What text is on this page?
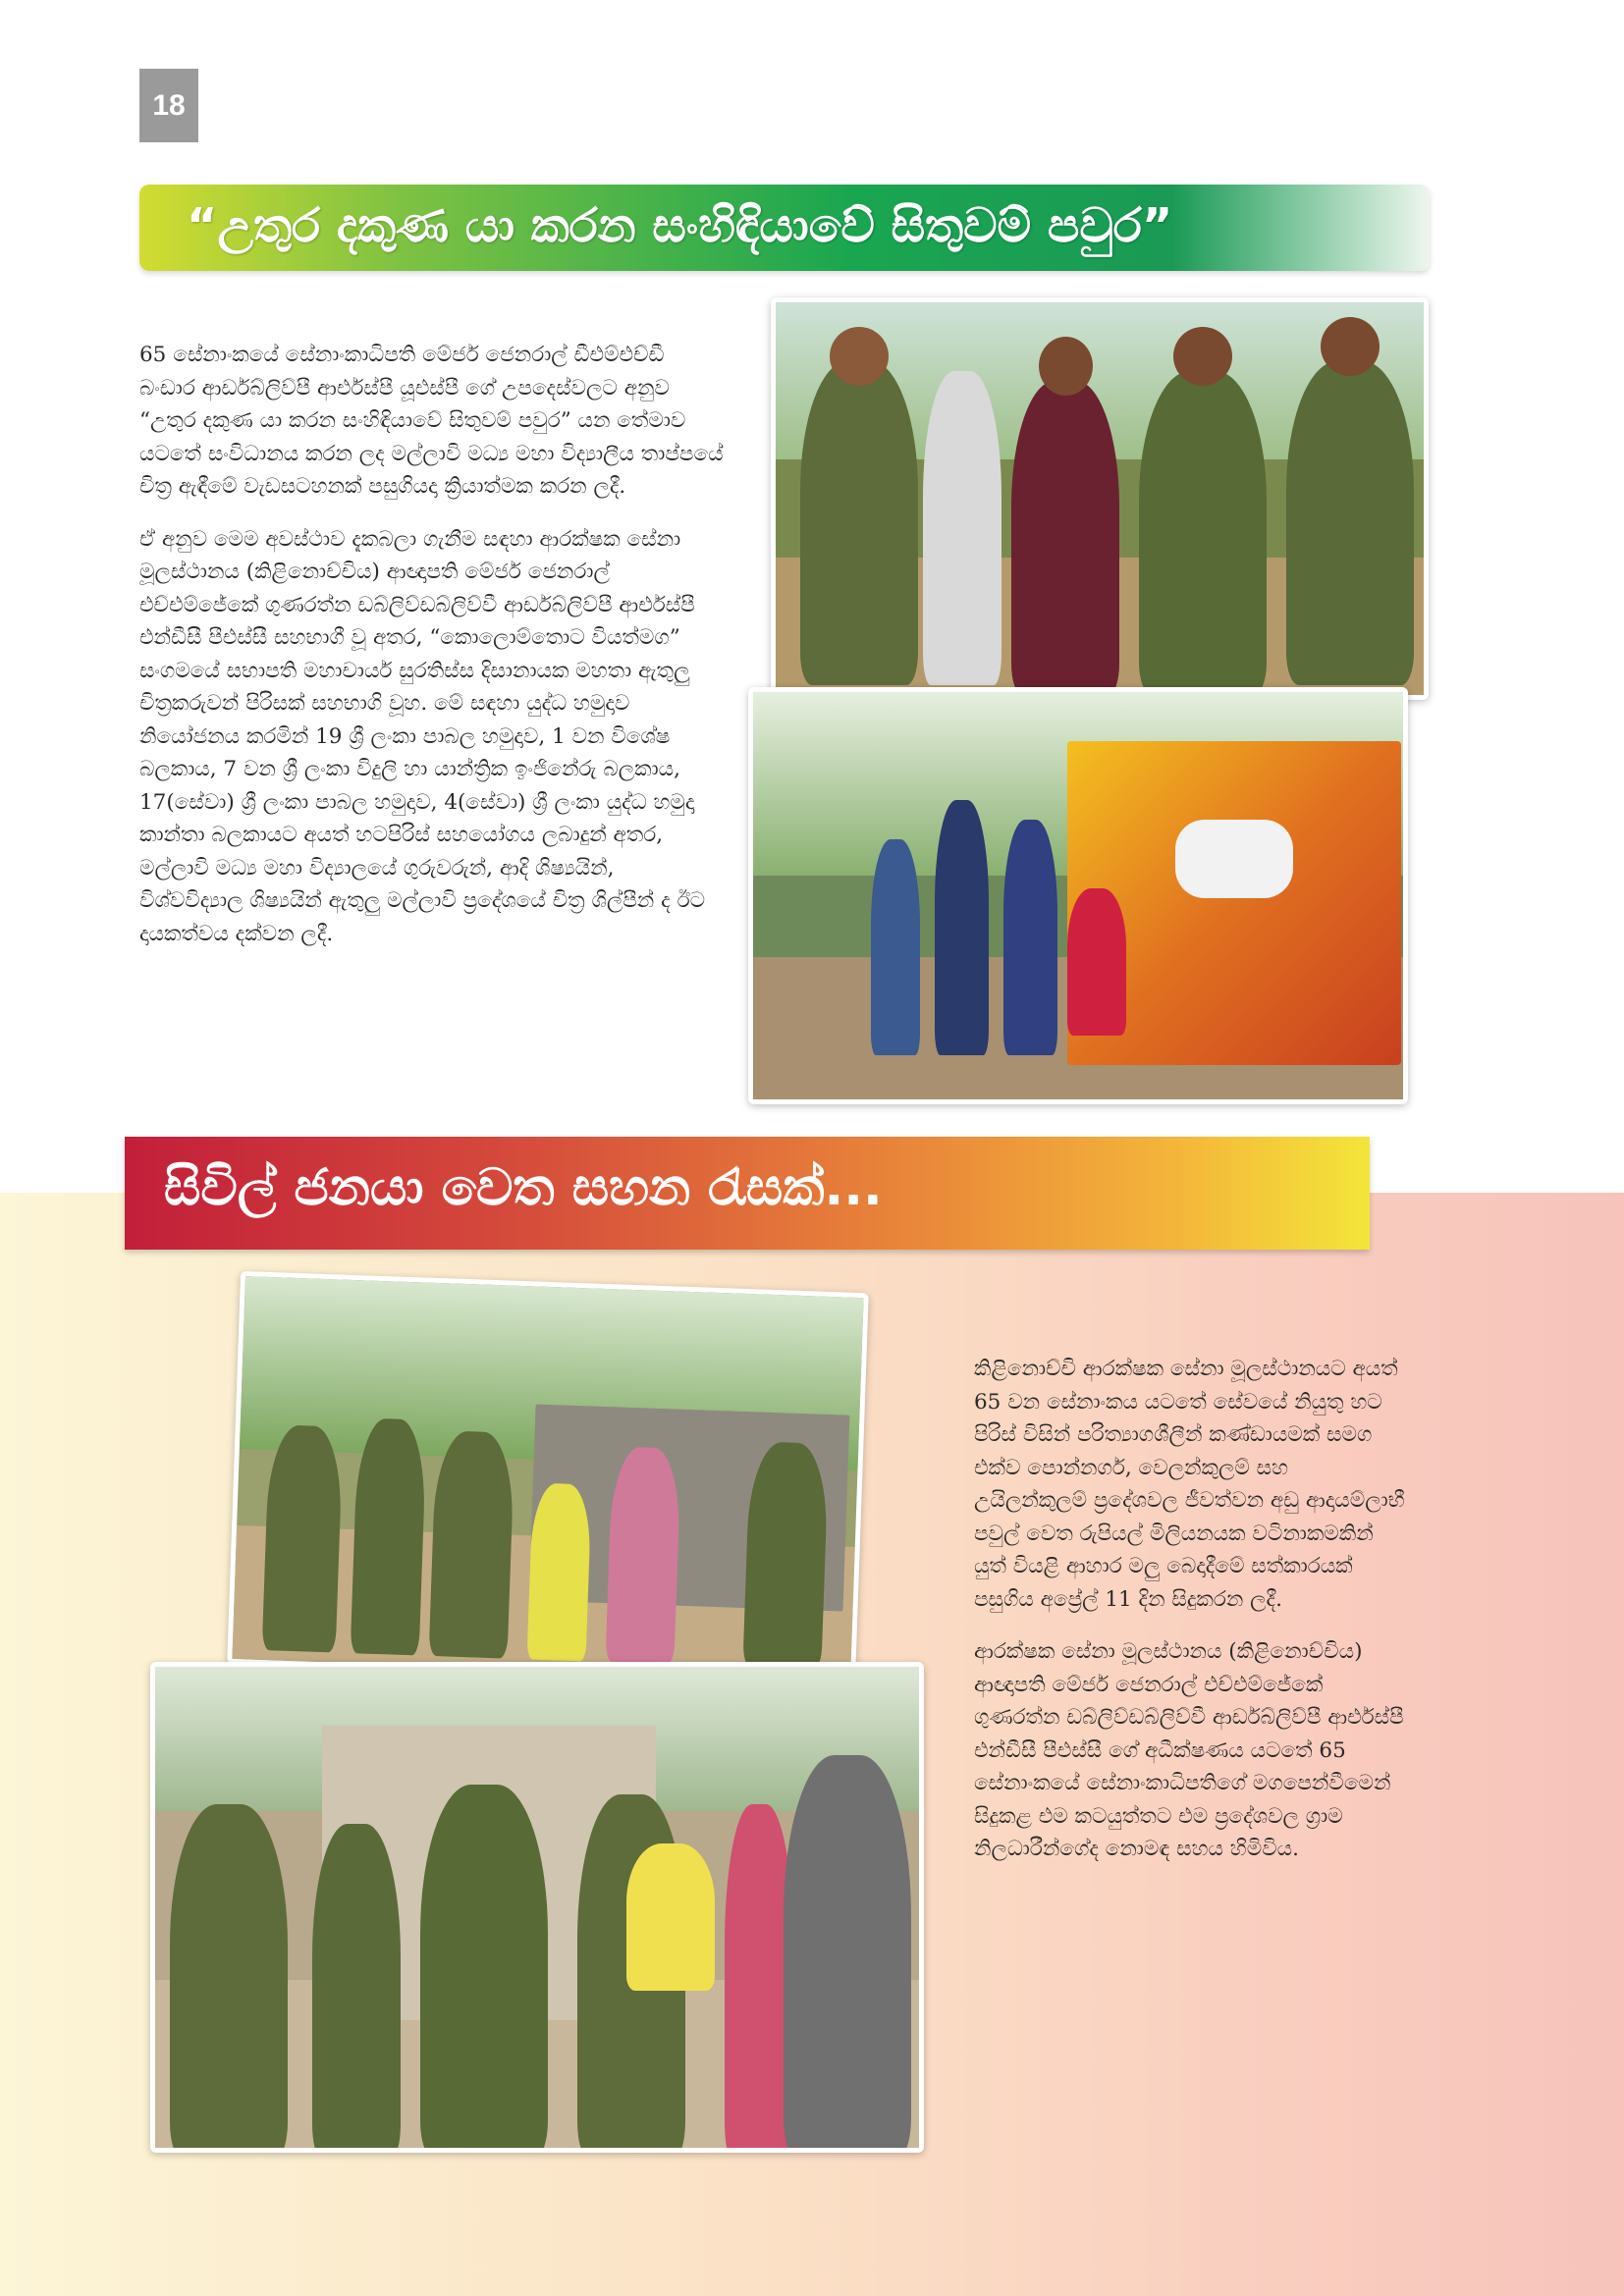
18
“උතුර දකුණ යා කරන සංහිඳියාවේ සිතුවම් පවුර”

65 සේනාංකයේ සේනාංකාධිපති මේජර් ජෙනරාල් ඩීඑම්එච්ඩී බංඩාර ආර්ඩබ්ලිව්පී ආර්එස්පී යූඑස්පී ගේ උපදෙස්වලට අනුව “උතුර දකුණ යා කරන සංහිඳියාවේ සිතුවම් පවුර” යන තේමාව යටතේ සංවිධානය කරන ලද මල්ලාවි මධ්‍ය මහා විද්‍යාලීය තාප්පයේ චිත්‍ර ඇඳීමේ වැඩසටහනක් පසුගියදා ක්‍රියාත්මක කරන ලදී.

ඒ අනුව මෙම අවස්ථාව දැකබලා ගැනීම සඳහා ආරක්ෂක සේනා මූලස්ථානය (කිළිනොච්චිය) ආඥාපති මේජර් ජෙනරාල් එච්එම්ජේකේ ගුණරත්න ඩබ්ලිව්ඩබ්ලිව්වී ආර්ඩබ්ලිව්පී ආර්එස්පී එන්ඩීසී පීඑස්සී සහභාගී වූ අතර, “කොලොම්තොට වියත්මග” සංගමයේ සභාපති මහාචාර්ය සුරතිස්ස දිසානායක මහතා ඇතුලු චිත්‍රකරුවන් පිරිසක් සහභාගි වූහ. මේ සඳහා යුද්ධ හමුදාව නියෝජනය කරමින් 19 ශ්‍රී ලංකා පාබල හමුදාව, 1 වන විශේෂ බලකාය, 7 වන ශ්‍රී ලංකා විදුලි හා යාන්ත්‍රික ඉංජිනේරු බලකාය, 17(සේවා) ශ්‍රී ලංකා පාබල හමුදාව, 4(සේවා) ශ්‍රී ලංකා යුද්ධ හමුදා කාන්තා බලකායට අයත් හටපිරිස් සහයෝගය ලබාදුන් අතර, මල්ලාවි මධ්‍ය මහා විද්‍යාලයේ ගුරුවරුන්, ආදි ශිෂ්‍යයින්, විශ්වවිද්‍යාල ශිෂ්‍යයින් ඇතුලු මල්ලාවි ප්‍රදේශයේ චිත්‍ර ශිල්පීන් ද ඊට දායකත්වය දක්වන ලදී.

සිවිල් ජනයා වෙත සහන රැසක්...

කිළිනොච්චි ආරක්ෂක සේනා මූලස්ථානයට අයත් 65 වන සේනාංකය යටතේ සේවයේ නියුතු හට පිරිස් විසින් පරිත්‍යාගශීලීන් කණ්ඩායමක් සමග එක්ව පොන්නගර්, වෙලන්කුලම් සහ උයිලන්කුලම් ප්‍රදේශවල ජීවත්වන අඩු ආදායම්ලාභී පවුල් වෙත රුපියල් මිලියනයක වටිනාකමකින් යුත් වියළි ආහාර මලු බෙදාදීමේ සත්කාරයක් පසුගිය අප්‍රේල් 11 දින සිදුකරන ලදී.

ආරක්ෂක සේනා මූලස්ථානය (කිළිනොච්චිය) ආඥාපති මේජර් ජෙනරාල් එච්එම්ජේකේ ගුණරත්න ඩබ්ලිව්ඩබ්ලිව්වී ආර්ඩබ්ලිව්පී ආර්එස්පී එන්ඩීසී පීඑස්සී ගේ අධීක්ෂණය යටතේ 65 සේනාංකයේ සේනාංකාධිපතිගේ මගපෙන්වීමෙන් සිදුකළ එම කටයුත්තට එම ප්‍රදේශවල ග්‍රාම නිලධාරීන්ගේද නොමඳ සහය හිමිවිය.
